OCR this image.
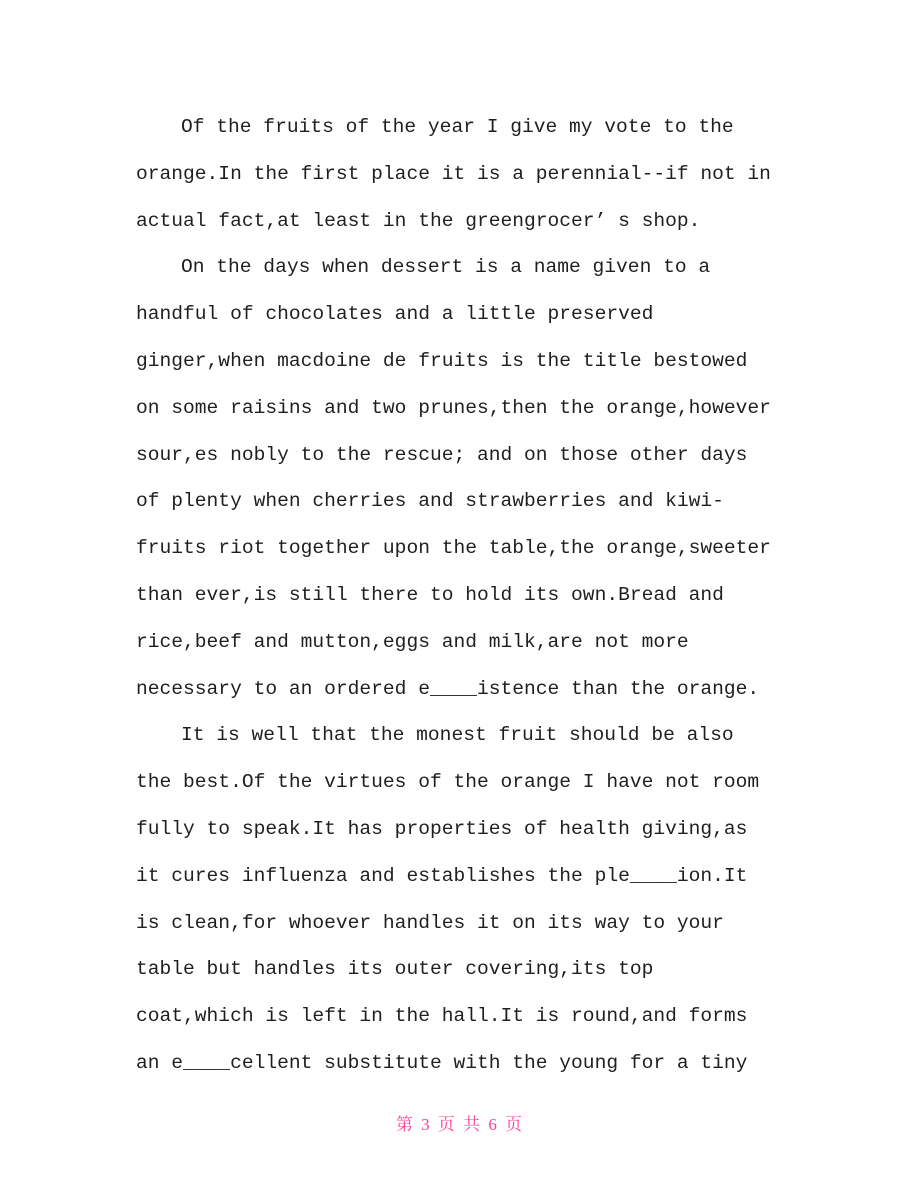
Of the fruits of the year I give my vote to the
orange.In the first place it is a perennial--if not in
actual fact,at least in the greengrocer’ s shop.
On the days when dessert is a name given to a
handful of chocolates and a little preserved
ginger,when macdoine de fruits is the title bestowed
on some raisins and two prunes,then the orange,however
sour,es nobly to the rescue; and on those other days
of plenty when cherries and strawberries and kiwi-
fruits riot together upon the table,the orange,sweeter
than ever,is still there to hold its own.Bread and
rice,beef and mutton,eggs and milk,are not more
necessary to an ordered e____istence than the orange.
It is well that the monest fruit should be also
the best.Of the virtues of the orange I have not room
fully to speak.It has properties of health giving,as
it cures influenza and establishes the ple____ion.It
is clean,for whoever handles it on its way to your
table but handles its outer covering,its top
coat,which is left in the hall.It is round,and forms
an e____cellent substitute with the young for a tiny
第 3 页 共 6 页
